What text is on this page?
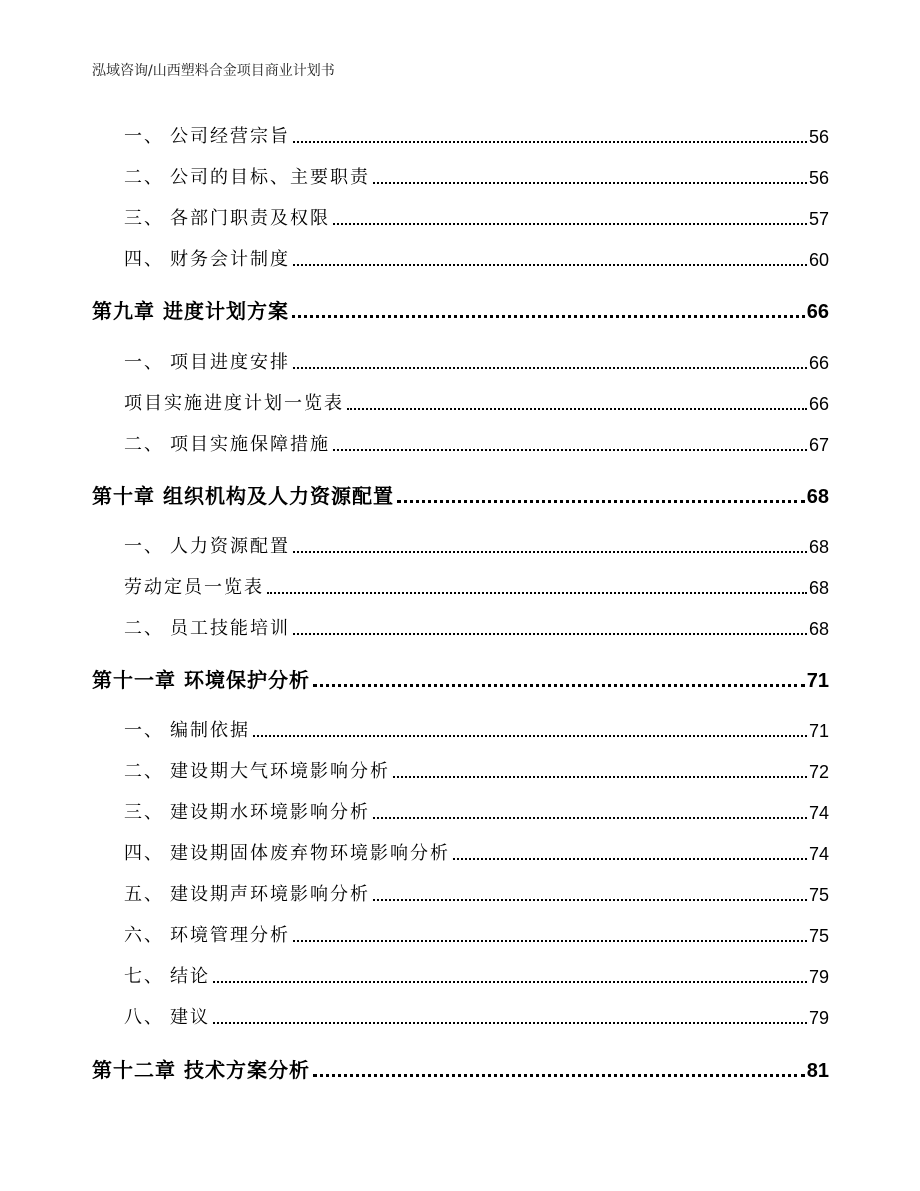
泓域咨询/山西塑料合金项目商业计划书
一、 公司经营宗旨	56
二、 公司的目标、主要职责	56
三、 各部门职责及权限	57
四、 财务会计制度	60
第九章 进度计划方案	66
一、 项目进度安排	66
项目实施进度计划一览表	66
二、 项目实施保障措施	67
第十章 组织机构及人力资源配置	68
一、 人力资源配置	68
劳动定员一览表	68
二、 员工技能培训	68
第十一章 环境保护分析	71
一、 编制依据	71
二、 建设期大气环境影响分析	72
三、 建设期水环境影响分析	74
四、 建设期固体废弃物环境影响分析	74
五、 建设期声环境影响分析	75
六、 环境管理分析	75
七、 结论	79
八、 建议	79
第十二章 技术方案分析	81
